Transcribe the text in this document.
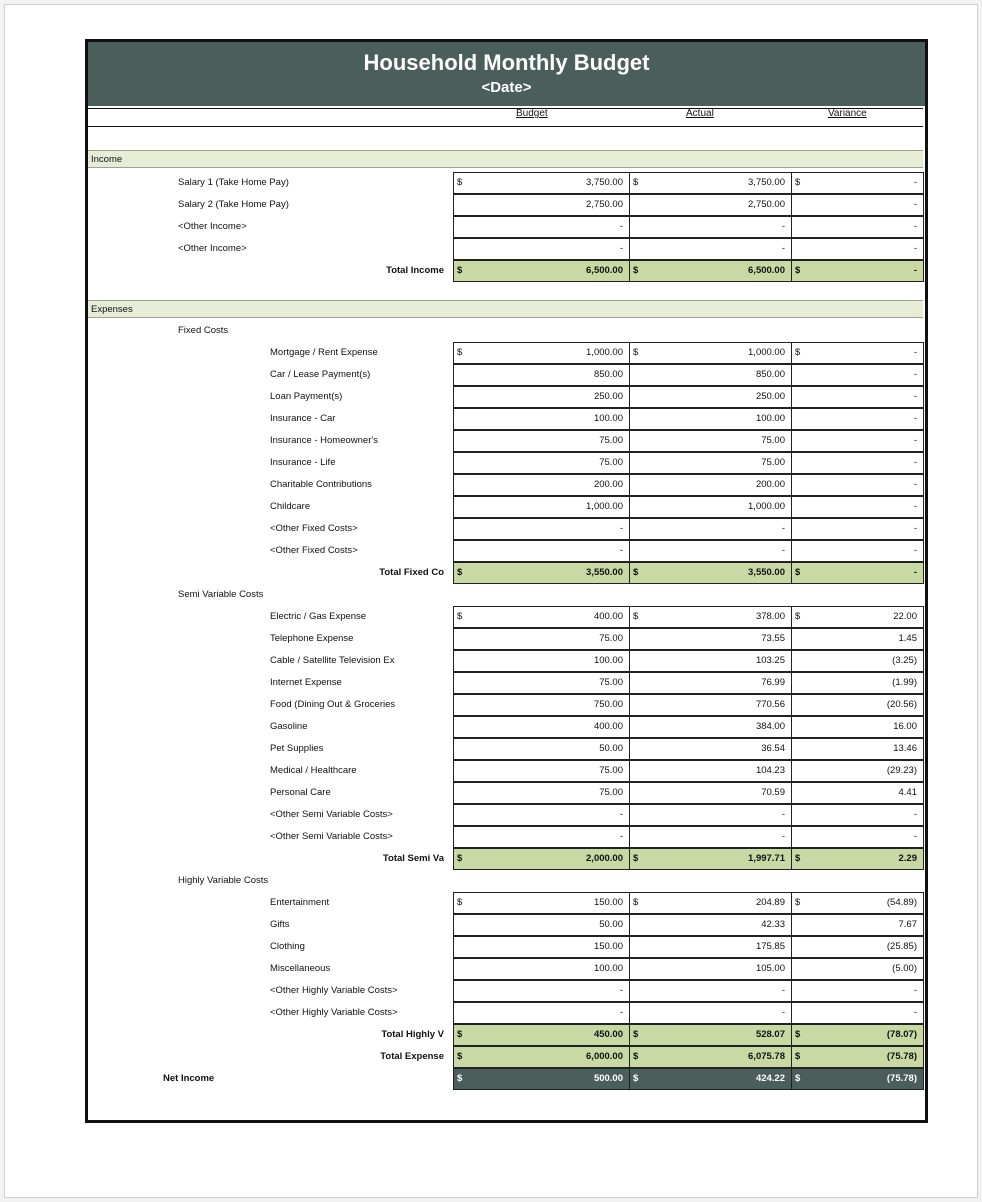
Household Monthly Budget
<Date>
Budget	Actual	Variance
Income
Salary 1 (Take Home Pay)	$	3,750.00 $	3,750.00 $	-
Salary 2 (Take Home Pay)	2,750.00	2,750.00	-
<Other Income>	-	-	-
<Other Income>	-	-	-
Total Income $	6,500.00 $	6,500.00 $	-
Expenses
Fixed Costs
Mortgage / Rent Expense	$	1,000.00 $	1,000.00 $	-
Car / Lease Payment(s)	850.00	850.00	-
Loan Payment(s)	250.00	250.00	-
Insurance - Car	100.00	100.00	-
Insurance - Homeowner's	75.00	75.00	-
Insurance - Life	75.00	75.00	-
Charitable Contributions	200.00	200.00	-
Childcare	1,000.00	1,000.00	-
<Other Fixed Costs>	-	-	-
<Other Fixed Costs>	-	-	-
Total Fixed Co $	3,550.00 $	3,550.00 $	-
Semi Variable Costs
Electric / Gas Expense	$	400.00 $	378.00 $	22.00
Telephone Expense	75.00	73.55	1.45
Cable / Satellite Television Ex	100.00	103.25	(3.25)
Internet Expense	75.00	76.99	(1.99)
Food (Dining Out & Groceries	750.00	770.56	(20.56)
Gasoline	400.00	384.00	16.00
Pet Supplies	50.00	36.54	13.46
Medical / Healthcare	75.00	104.23	(29.23)
Personal Care	75.00	70.59	4.41
<Other Semi Variable Costs>	-	-	-
<Other Semi Variable Costs>	-	-	-
Total Semi Va $	2,000.00 $	1,997.71 $	2.29
Highly Variable Costs
Entertainment	$	150.00 $	204.89 $	(54.89)
Gifts	50.00	42.33	7.67
Clothing	150.00	175.85	(25.85)
Miscellaneous	100.00	105.00	(5.00)
<Other Highly Variable Costs>	-	-	-
<Other Highly Variable Costs>	-	-	-
Total Highly V $	450.00 $	528.07 $	(78.07)
Total Expense $	6,000.00 $	6,075.78 $	(75.78)
Net Income	$	500.00 $	424.22 $	(75.78)
